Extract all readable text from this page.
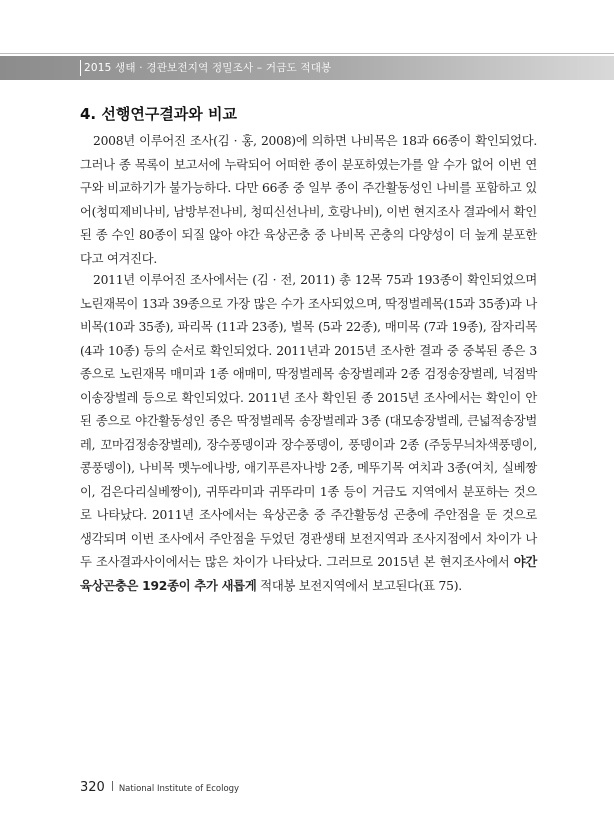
2015 생태 · 경관보전지역 정밀조사 – 거금도 적대봉
4. 선행연구결과와 비교

2008년 이루어진 조사(김 · 홍, 2008)에 의하면 나비목은 18과 66종이 확인되었다. 그러나 종 목록이 보고서에 누락되어 어떠한 종이 분포하였는가를 알 수가 없어 이번 연구와 비교하기가 불가능하다. 다만 66종 중 일부 종이 주간활동성인 나비를 포함하고 있어(청띠제비나비, 남방부전나비, 청띠신선나비, 호랑나비), 이번 현지조사 결과에서 확인된 종 수인 80종이 되질 않아 야간 육상곤충 중 나비목 곤충의 다양성이 더 높게 분포한다고 여겨진다.

2011년 이루어진 조사에서는 (김 · 전, 2011) 총 12목 75과 193종이 확인되었으며 노린재목이 13과 39종으로 가장 많은 수가 조사되었으며, 딱정벌레목(15과 35종)과 나비목(10과 35종), 파리목 (11과 23종), 벌목 (5과 22종), 매미목 (7과 19종), 잠자리목 (4과 10종) 등의 순서로 확인되었다. 2011년과 2015년 조사한 결과 중 중복된 종은 3종으로 노린재목 매미과 1종 애매미, 딱정벌레목 송장벌레과 2종 검정송장벌레, 넉점박이송장벌레 등으로 확인되었다. 2011년 조사 확인된 종 2015년 조사에서는 확인이 안된 종으로 야간활동성인 종은 딱정벌레목 송장벌레과 3종 (대모송장벌레, 큰넓적송장벌레, 꼬마검정송장벌레), 장수풍뎅이과 장수풍뎅이, 풍뎅이과 2종 (주둥무늬차색풍뎅이, 콩풍뎅이), 나비목 멧누에나방, 애기푸른자나방 2종, 메뚜기목 여치과 3종(여치, 실베짱이, 검은다리실베짱이), 귀뚜라미과 귀뚜라미 1종 등이 거금도 지역에서 분포하는 것으로 나타났다. 2011년 조사에서는 육상곤충 중 주간활동성 곤충에 주안점을 둔 것으로 생각되며 이번 조사에서 주안점을 두었던 경관생태 보전지역과 조사지점에서 차이가 나 두 조사결과사이에서는 많은 차이가 나타났다. 그러므로 2015년 본 현지조사에서 야간 육상곤충은 192종이 추가 새롭게 적대봉 보전지역에서 보고된다(표 75).

320 National Institute of Ecology
